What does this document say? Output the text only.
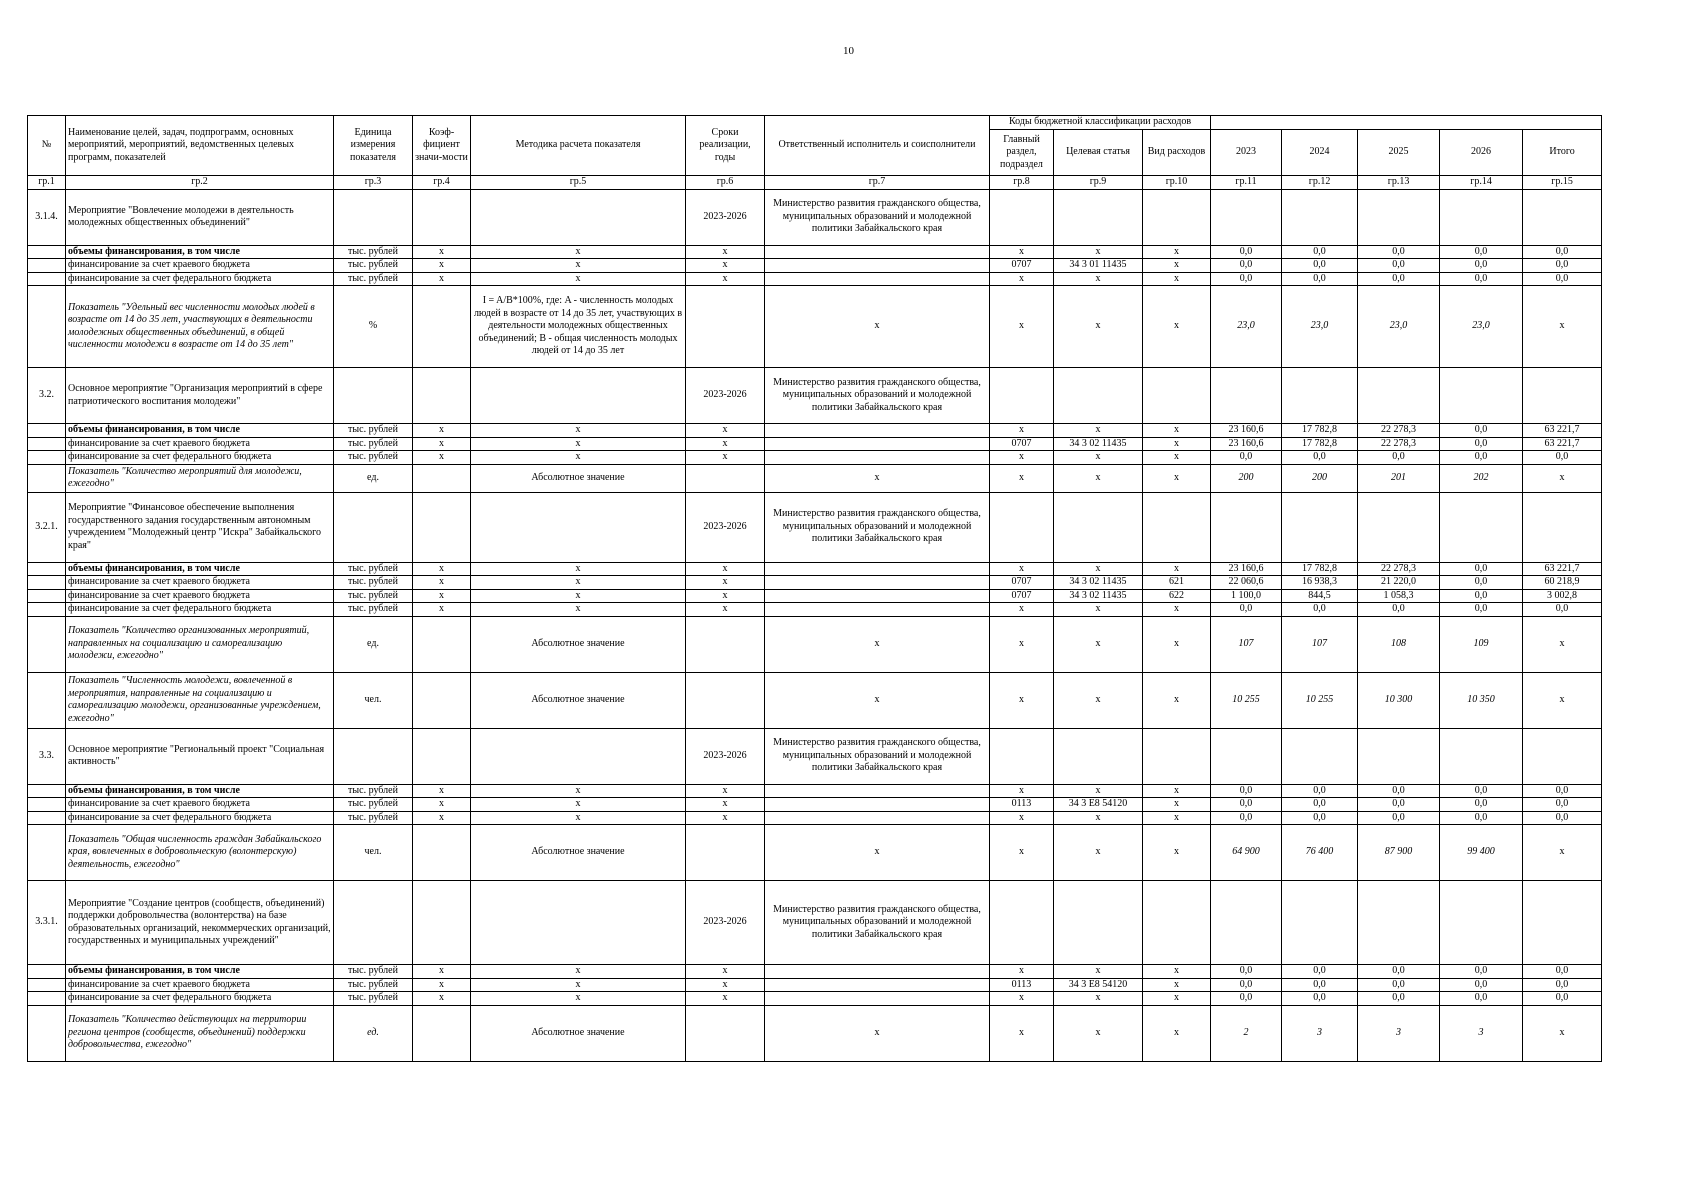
10
№	Наименование целей, задач, подпрограмм, основных мероприятий, мероприятий, ведомственных целевых программ, показателей	Единица измерения показателя	Коэф-фициент значи-мости	Методика расчета показателя	Сроки реализации, годы	Ответственный исполнитель и соисполнители	Коды бюджетной классификации расходов							
							Главный раздел, подраздел	Целевая статья	Вид расходов	2023	2024	2025	2026	Итого
гр.1	гр.2	гр.3	гр.4	гр.5	гр.6	гр.7	гр.8	гр.9	гр.10	гр.11	гр.12	гр.13	гр.14	гр.15
3.1.4.	Мероприятие "Вовлечение молодежи в деятельность молодежных общественных объединений"				2023-2026	Министерство развития гражданского общества, муниципальных образований и молодежной политики Забайкальского края								
	объемы финансирования, в том числе	тыс. рублей	х	х	х		х	х	х	0,0	0,0	0,0	0,0	0,0
	финансирование за счет краевого бюджета	тыс. рублей	х	х	х		0707	34 3 01 11435	х	0,0	0,0	0,0	0,0	0,0
	финансирование за счет федерального бюджета	тыс. рублей	х	х	х		х	х	х	0,0	0,0	0,0	0,0	0,0
	Показатель "Удельный вес численности молодых людей в возрасте от 14 до 35 лет, участвующих в деятельности молодежных общественных объединений, в общей численности молодежи в возрасте от 14 до 35 лет"	%		I = A/B*100%, где: A - численность молодых людей в возрасте от 14 до 35 лет, участвующих в деятельности молодежных общественных объединений; B - общая численность молодых людей от 14 до 35 лет		х	х	х	х	23,0	23,0	23,0	23,0	х
3.2.	Основное мероприятие "Организация мероприятий в сфере патриотического воспитания молодежи"				2023-2026	Министерство развития гражданского общества, муниципальных образований и молодежной политики Забайкальского края								
	объемы финансирования, в том числе	тыс. рублей	х	х	х		х	х	х	23 160,6	17 782,8	22 278,3	0,0	63 221,7
	финансирование за счет краевого бюджета	тыс. рублей	х	х	х		0707	34 3 02 11435	х	23 160,6	17 782,8	22 278,3	0,0	63 221,7
	финансирование за счет федерального бюджета	тыс. рублей	х	х	х		х	х	х	0,0	0,0	0,0	0,0	0,0
	Показатель "Количество мероприятий для молодежи, ежегодно"	ед.		Абсолютное значение		х	х	х	х	200	200	201	202	х
3.2.1.	Мероприятие "Финансовое обеспечение выполнения государственного задания государственным автономным учреждением "Молодежный центр "Искра" Забайкальского края"				2023-2026	Министерство развития гражданского общества, муниципальных образований и молодежной политики Забайкальского края								
	объемы финансирования, в том числе	тыс. рублей	х	х	х		х	х	х	23 160,6	17 782,8	22 278,3	0,0	63 221,7
	финансирование за счет краевого бюджета	тыс. рублей	х	х	х		0707	34 3 02 11435	621	22 060,6	16 938,3	21 220,0	0,0	60 218,9
	финансирование за счет краевого бюджета	тыс. рублей	х	х	х		0707	34 3 02 11435	622	1 100,0	844,5	1 058,3	0,0	3 002,8
	финансирование за счет федерального бюджета	тыс. рублей	х	х	х		х	х	х	0,0	0,0	0,0	0,0	0,0
	Показатель "Количество организованных мероприятий, направленных на социализацию и самореализацию молодежи, ежегодно"	ед.		Абсолютное значение		х	х	х	х	107	107	108	109	х
	Показатель "Численность молодежи, вовлеченной в мероприятия, направленные на социализацию и самореализацию молодежи, организованные учреждением, ежегодно"	чел.		Абсолютное значение		х	х	х	х	10 255	10 255	10 300	10 350	х
3.3.	Основное мероприятие "Региональный проект "Социальная активность"				2023-2026	Министерство развития гражданского общества, муниципальных образований и молодежной политики Забайкальского края								
	объемы финансирования, в том числе	тыс. рублей	х	х	х		х	х	х	0,0	0,0	0,0	0,0	0,0
	финансирование за счет краевого бюджета	тыс. рублей	х	х	х		0113	34 3 Е8 54120	х	0,0	0,0	0,0	0,0	0,0
	финансирование за счет федерального бюджета	тыс. рублей	х	х	х		х	х	х	0,0	0,0	0,0	0,0	0,0
	Показатель "Общая численность граждан Забайкальского края, вовлеченных в добровольческую (волонтерскую) деятельность, ежегодно"	чел.		Абсолютное значение		х	х	х	х	64 900	76 400	87 900	99 400	х
3.3.1.	Мероприятие "Создание центров (сообществ, объединений) поддержки добровольчества (волонтерства) на базе образовательных организаций, некоммерческих организаций, государственных и муниципальных учреждений"				2023-2026	Министерство развития гражданского общества, муниципальных образований и молодежной политики Забайкальского края								
	объемы финансирования, в том числе	тыс. рублей	х	х	х		х	х	х	0,0	0,0	0,0	0,0	0,0
	финансирование за счет краевого бюджета	тыс. рублей	х	х	х		0113	34 3 Е8 54120	х	0,0	0,0	0,0	0,0	0,0
	финансирование за счет федерального бюджета	тыс. рублей	х	х	х		х	х	х	0,0	0,0	0,0	0,0	0,0
	Показатель "Количество действующих на территории региона центров (сообществ, объединений) поддержки добровольчества, ежегодно"	ед.		Абсолютное значение		х	х	х	х	2	3	3	3	х
